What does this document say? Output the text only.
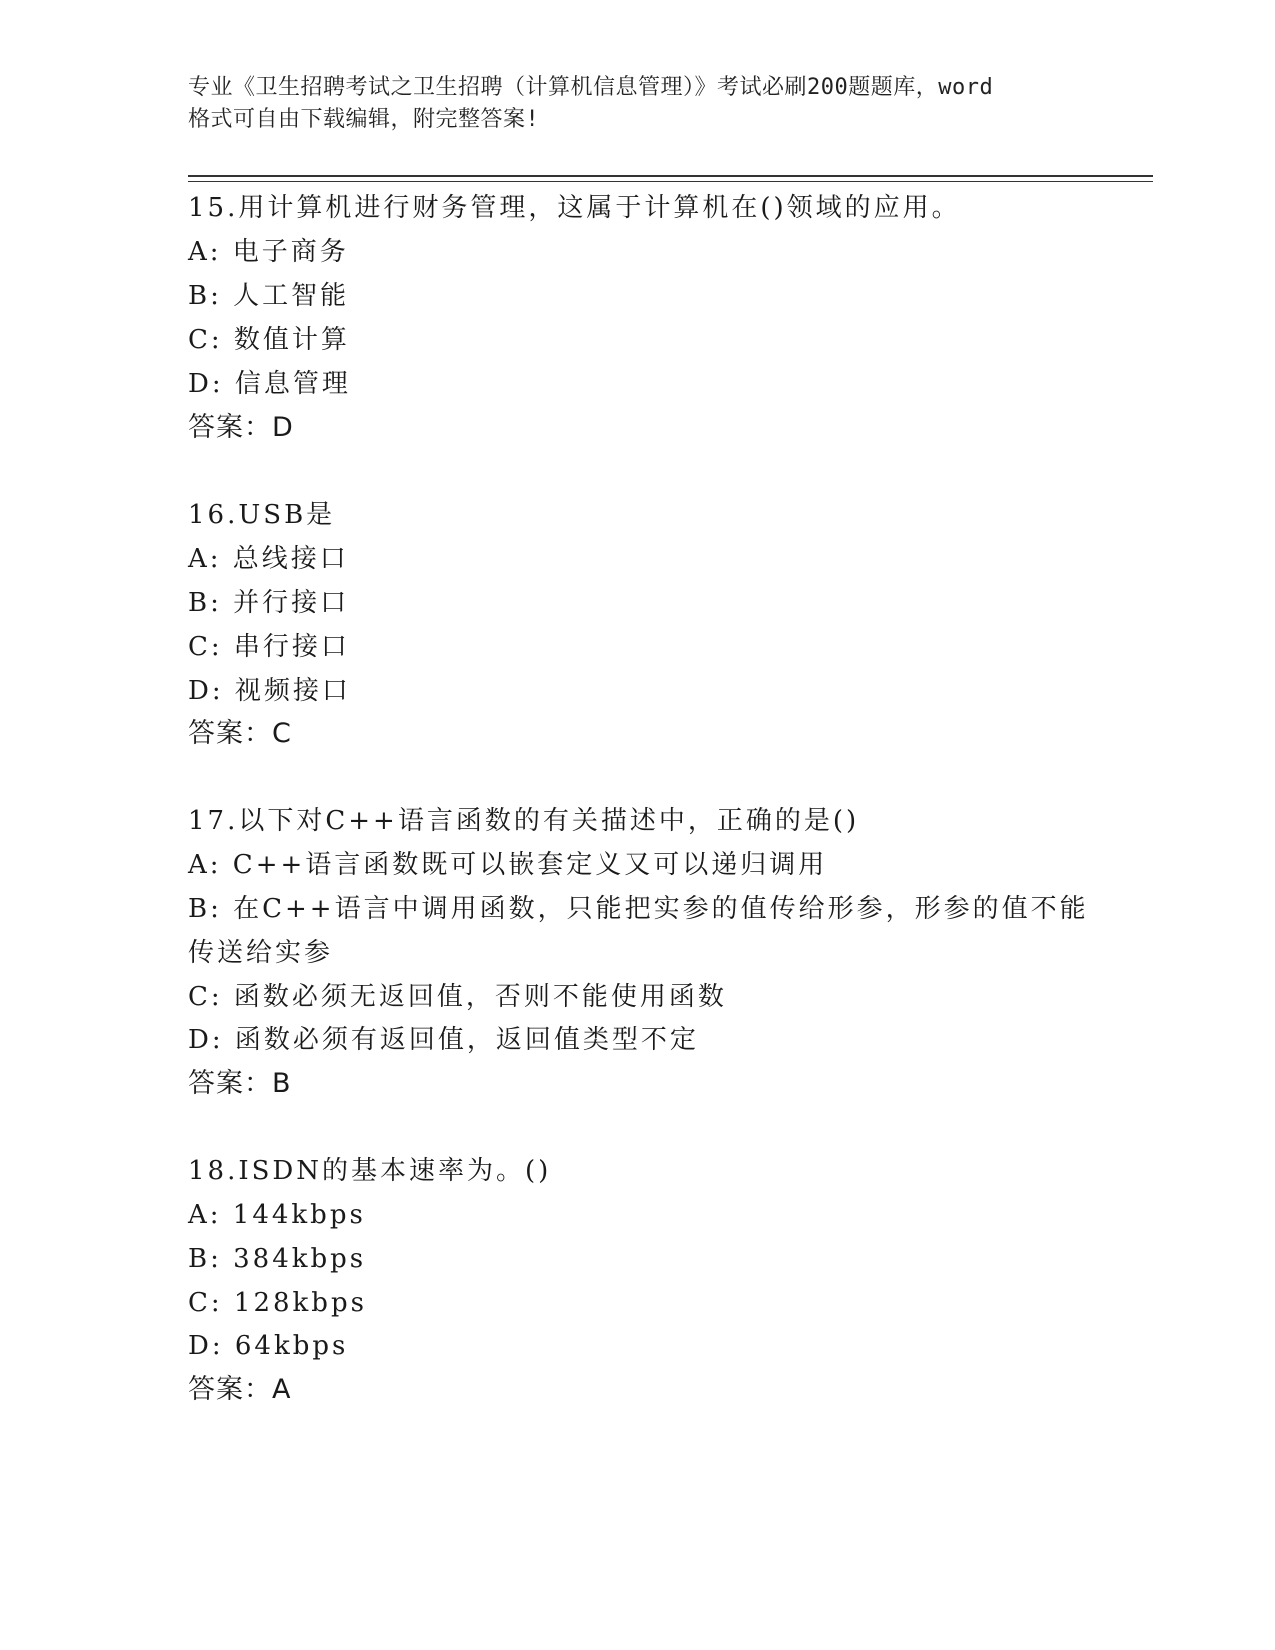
专业《卫生招聘考试之卫生招聘（计算机信息管理）》考试必刷200题题库，word
格式可自由下载编辑，附完整答案!
15.用计算机进行财务管理，这属于计算机在()领域的应用。
A: 电子商务
B: 人工智能
C: 数值计算
D: 信息管理
答案：D
16.USB是
A: 总线接口
B: 并行接口
C: 串行接口
D: 视频接口
答案：C
17.以下对C++语言函数的有关描述中，正确的是()
A: C++语言函数既可以嵌套定义又可以递归调用
B: 在C++语言中调用函数，只能把实参的值传给形参，形参的值不能
传送给实参
C: 函数必须无返回值，否则不能使用函数
D: 函数必须有返回值，返回值类型不定
答案：B
18.ISDN的基本速率为。()
A: 144kbps
B: 384kbps
C: 128kbps
D: 64kbps
答案：A
